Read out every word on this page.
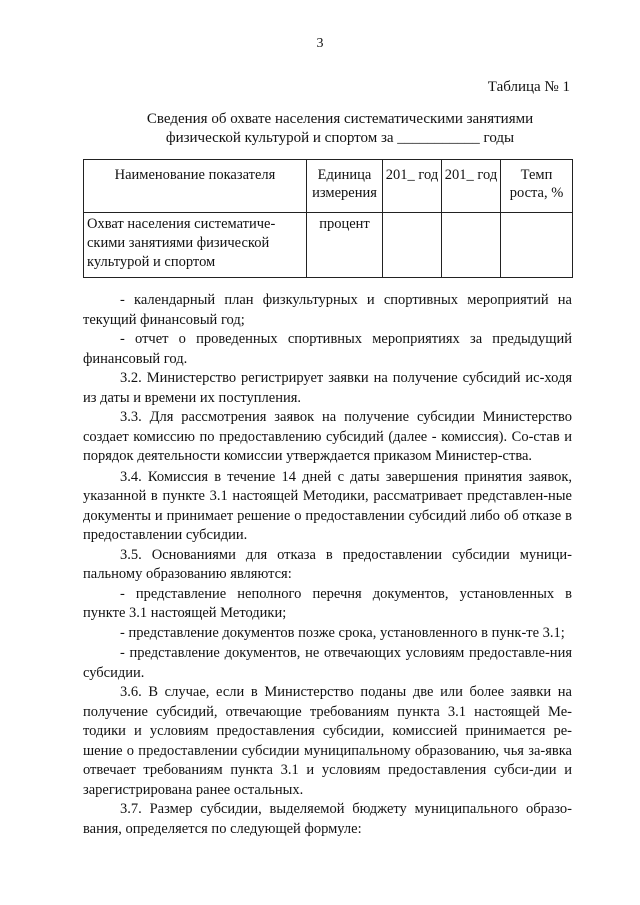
3
Таблица № 1
Сведения об охвате населения систематическими занятиями
физической культурой и спортом за ___________ годы
Наименование показателя	Единица измерения	201_ год	201_ год	Темп роста, %
Охват населения систематиче-скими занятиями физической культурой и спортом	процент			

- календарный план физкультурных и спортивных мероприятий на текущий финансовый год;

- отчет о проведенных спортивных мероприятиях за предыдущий финансовый год.

3.2. Министерство регистрирует заявки на получение субсидий ис-ходя из даты и времени их поступления.

3.3. Для рассмотрения заявок на получение субсидии Министерство создает комиссию по предоставлению субсидий (далее - комиссия). Со-став и порядок деятельности комиссии утверждается приказом Министер-ства.

3.4. Комиссия в течение 14 дней с даты завершения принятия заявок, указанной в пункте 3.1 настоящей Методики, рассматривает представлен-ные документы и принимает решение о предоставлении субсидий либо об отказе в предоставлении субсидии.

3.5. Основаниями для отказа в предоставлении субсидии муници-пальному образованию являются:

- представление неполного перечня документов, установленных в пункте 3.1 настоящей Методики;

- представление документов позже срока, установленного в пунк-те 3.1;

- представление документов, не отвечающих условиям предоставле-ния субсидии.

3.6. В случае, если в Министерство поданы две или более заявки на получение субсидий, отвечающие требованиям пункта 3.1 настоящей Ме-тодики и условиям предоставления субсидии, комиссией принимается ре-шение о предоставлении субсидии муниципальному образованию, чья за-явка отвечает требованиям пункта 3.1 и условиям предоставления субси-дии и зарегистрирована ранее остальных.

3.7. Размер субсидии, выделяемой бюджету муниципального образо-вания, определяется по следующей формуле:
